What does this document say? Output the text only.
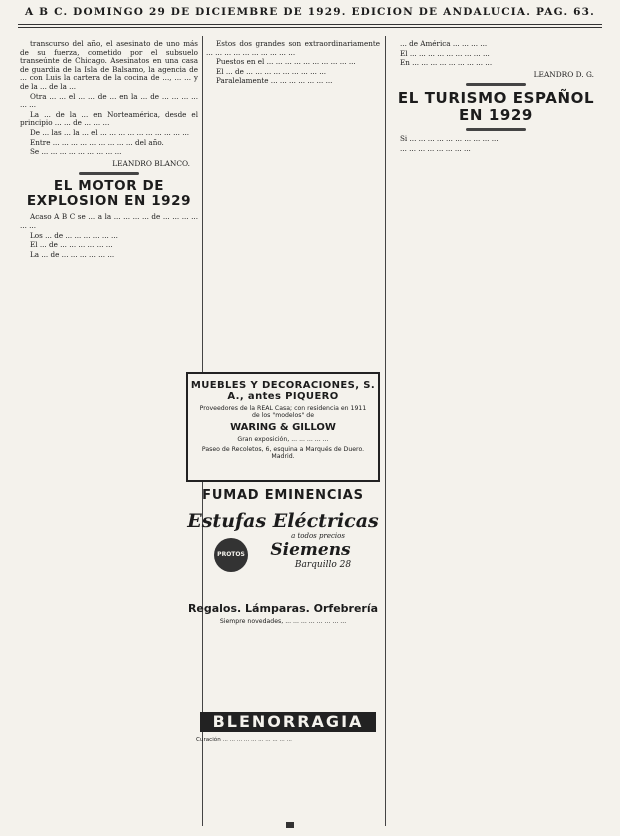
A B C. DOMINGO 29 DE DICIEMBRE DE 1929. EDICION DE ANDALUCIA. PAG. 63.

transcurso del año, el asesinato de uno más de su fuerza, cometido por el subsuelo transeúnte de Chicago. Asesinatos en una casa de guardia de la Isla de Balsamo, la agencia de ... con Luis la cartera de la cocina de ..., ... ... y de la ... de la ...

Otra ... ... el ... ... de ... en la ... de ... ... ... ... ... ...

La ... de la ... en Norteamérica, desde el principio ... ... de ... ... ...

De ... las ... la ... el ... ... ... ... ... ... ... ... ... ...

Entre ... ... ... ... ... ... ... ... ... del año.

Se ... ... ... ... ... ... ... ... ...

LEANDRO BLANCO.
EL MOTOR DE EXPLOSION EN 1929

Acaso A B C se ... a la ... ... ... ... de ... ... ... ... ... ...

Los ... de ... ... ... ... ... ...

El ... de ... ... ... ... ... ...

La ... de ... ... ... ... ... ...

Estos dos grandes son extraordinariamente ... ... ... ... ... ... ... ... ... ...

Puestos en el ... ... ... ... ... ... ... ... ... ...

El ... de ... ... ... ... ... ... ... ... ...

Paralelamente ... ... ... ... ... ... ...

MUEBLES Y DECORACIONES, S. A., antes PIQUERO
Proveedores de la REAL Casa; con residencia en 1911 de los "modelos" de
WARING & GILLOW
Gran exposición, ... ... ... ... ...
Paseo de Recoletos, 6, esquina a Marqués de Duero. Madrid.
FUMAD EMINENCIAS
Estufas Eléctricas
a todos precios
Siemens
Barquillo 28
PROTOS
Regalos. Lámparas. Orfebrería
Siempre novedades, ... ... ... ... ... ... ... ...
BLENORRAGIA
Curación ... ... ... ... ... ... ... ... ... ...

... de América ... ... ... ...

El ... ... ... ... ... ... ... ... ...

En ... ... ... ... ... ... ... ... ...

LEANDRO D. G.
EL TURISMO ESPAÑOL EN 1929

Si ... ... ... ... ... ... ... ... ... ...

... ... ... ... ... ... ... ...
